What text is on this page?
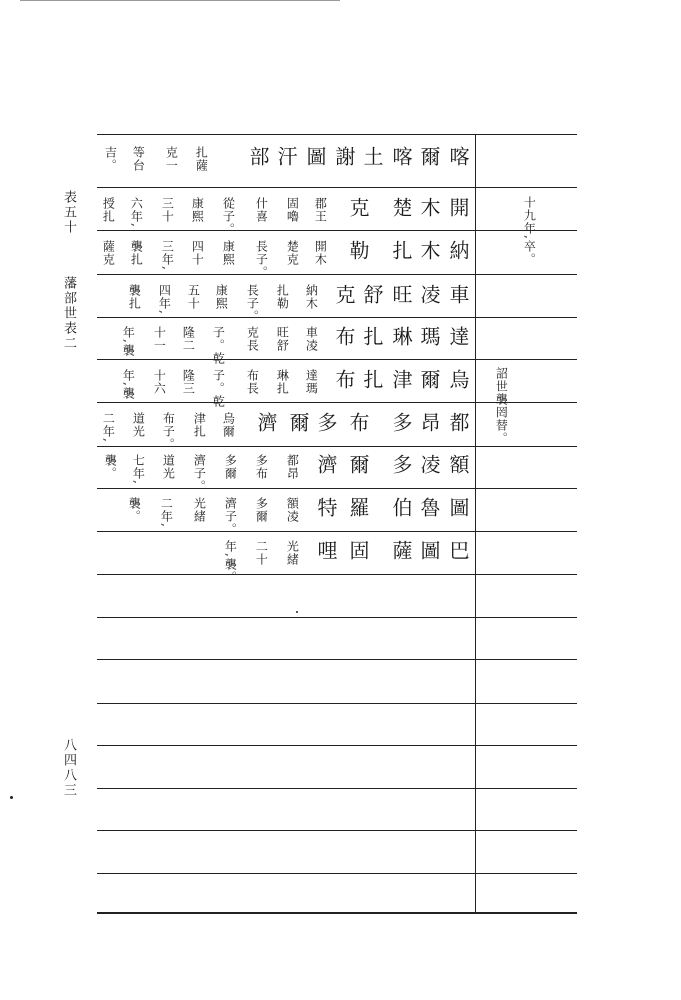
表五十
藩部世表二
八四八三
喀
爾
喀
土
謝
圖
汗
部
扎薩
克一
等台
吉。
開
木
楚
克
郡王
固嚕
什喜
從子。
康熙
三十
六年,
授扎	十九年,卒。
納
木
扎
勒
開木
楚克
長子。
康熙
四十
三年,
襲扎
薩克
車
凌
旺
舒
克
納木
扎勒
長子。
康熙
五十
四年,
襲扎
達
瑪
琳
扎
布
車凌
旺舒
克長
子。乾
隆二
十一
年,襲
烏
爾
津
扎
布
達瑪
琳扎
布長
子。乾
隆三
十六
年,襲	詔世襲罔替。
都
昂
多
布
多
爾
濟
烏爾
津扎
布子。
道光
二年,
額
凌
多
爾
濟
都昂
多布
多爾
濟子。
道光
七年,
襲。
圖
魯
伯
羅
特
額凌
多爾
濟子。
光緒
二年,
襲。
巴
圖
薩
固
哩
光緒
二十
年,襲。
